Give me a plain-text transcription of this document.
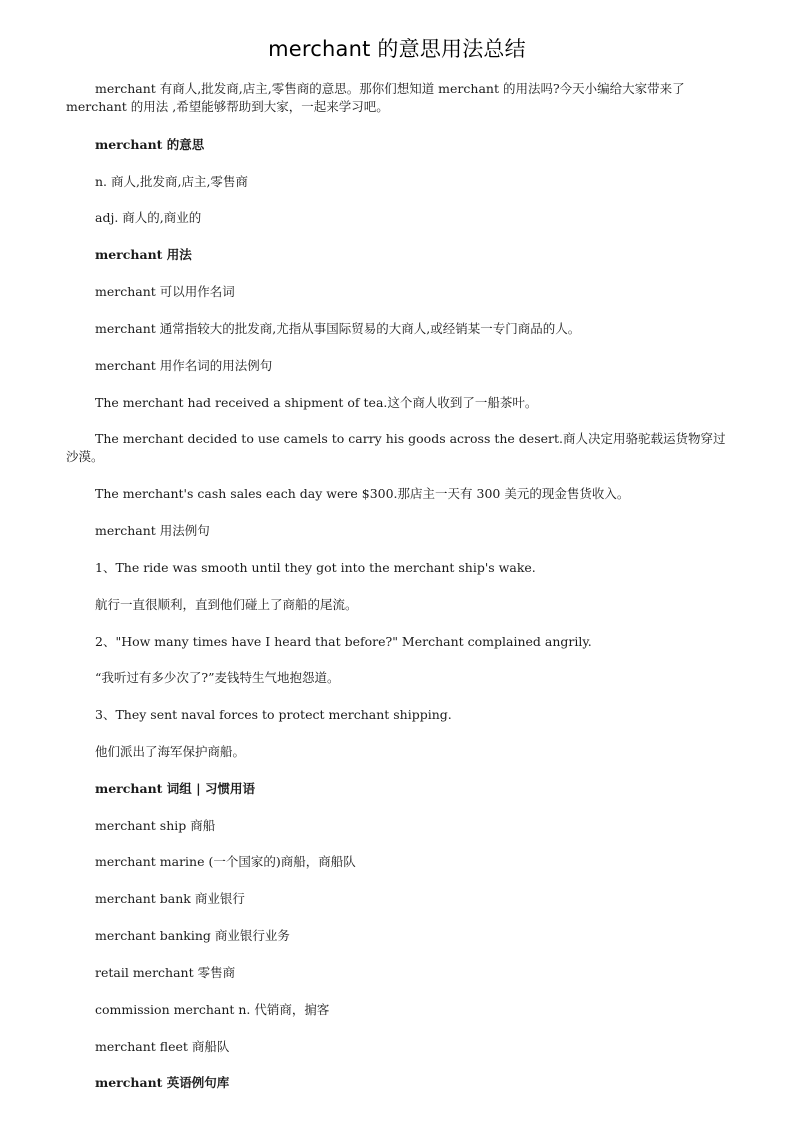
merchant 的意思用法总结
merchant 有商人,批发商,店主,零售商的意思。那你们想知道 merchant 的用法吗?今天小编给大家带来了 merchant 的用法 ,希望能够帮助到大家，一起来学习吧。
merchant 的意思
n. 商人,批发商,店主,零售商
adj. 商人的,商业的
merchant 用法
merchant 可以用作名词
merchant 通常指较大的批发商,尤指从事国际贸易的大商人,或经销某一专门商品的人。
merchant 用作名词的用法例句
The merchant had received a shipment of tea.这个商人收到了一船茶叶。
The merchant decided to use camels to carry his goods across the desert.商人决定用骆驼载运货物穿过沙漠。
The merchant's cash sales each day were $300.那店主一天有 300 美元的现金售货收入。
merchant 用法例句
1、The ride was smooth until they got into the merchant ship's wake.
航行一直很顺利，直到他们碰上了商船的尾流。
2、"How many times have I heard that before?" Merchant complained angrily.
“我听过有多少次了?”麦钱特生气地抱怨道。
3、They sent naval forces to protect merchant shipping.
他们派出了海军保护商船。
merchant 词组 | 习惯用语
merchant ship 商船
merchant marine (一个国家的)商船，商船队
merchant bank 商业银行
merchant banking 商业银行业务
retail merchant 零售商
commission merchant n. 代销商，掮客
merchant fleet 商船队
merchant 英语例句库
